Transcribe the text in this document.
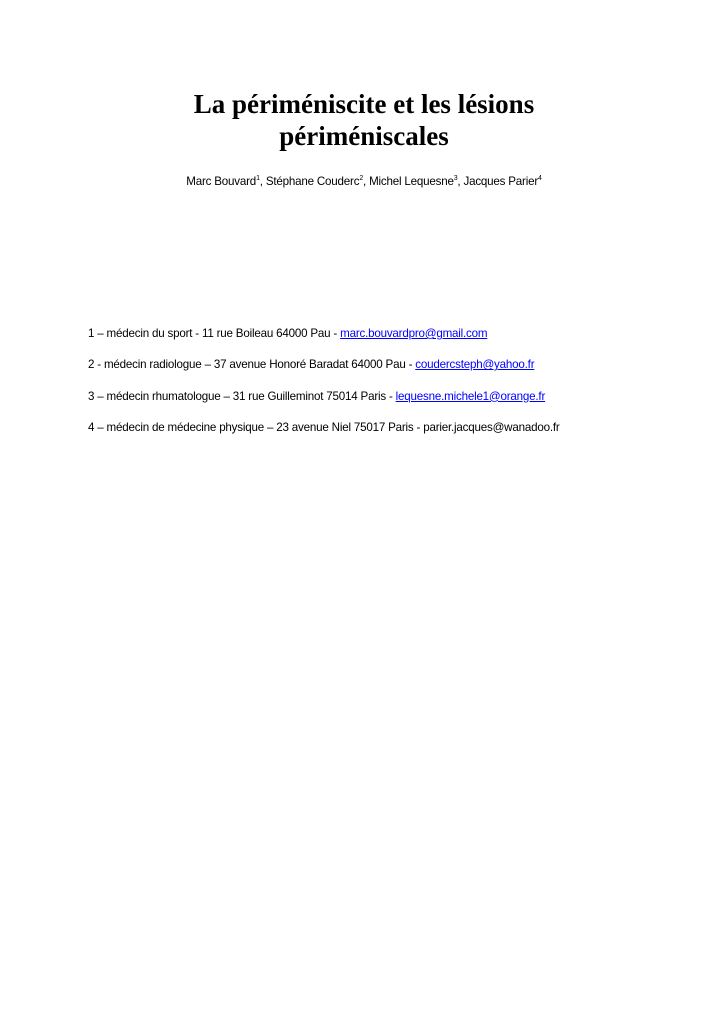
La périméniscite et les lésions
périméniscales
Marc Bouvard$^1$, Stéphane Couderc$^2$, Michel Lequesne$^3$, Jacques Parier$^4$
1 – médecin du sport - 11 rue Boileau 64000 Pau - marc.bouvardpro@gmail.com
2 - médecin radiologue – 37 avenue Honoré Baradat 64000 Pau - coudercsteph@yahoo.fr
3 – médecin rhumatologue – 31 rue Guilleminot 75014 Paris - lequesne.michele1@orange.fr
4 – médecin de médecine physique – 23 avenue Niel 75017 Paris - parier.jacques@wanadoo.fr
